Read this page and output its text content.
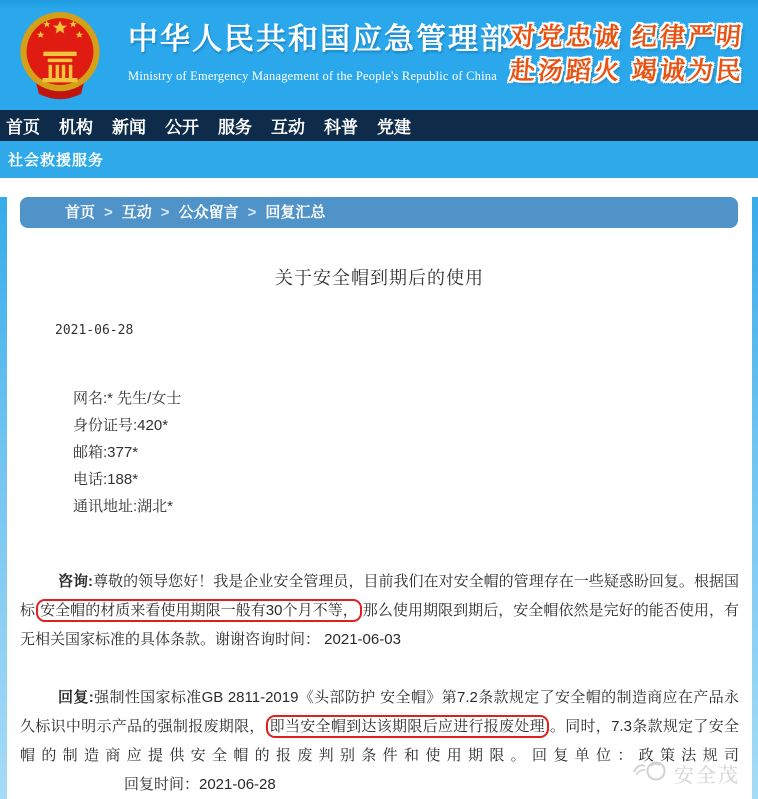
中华人民共和国应急管理部
Ministry of Emergency Management of the People's Republic of China
对党忠诚 纪律严明
赴汤蹈火 竭诚为民
首页 机构 新闻 公开 服务 互动 科普 党建
社会救援服务
首页 > 互动 > 公众留言 > 回复汇总
关于安全帽到期后的使用
2021-06-28
网名:* 先生/女士
身份证号:420*
邮箱:377*
电话:188*
通讯地址:湖北*
咨询:尊敬的领导您好！我是企业安全管理员，目前我们在对安全帽的管理存在一些疑惑盼回复。根据国标 安全帽的材质来看使用期限一般有30个月不等， 那么使用期限到期后，安全帽依然是完好的能否使用，有无相关国家标准的具体条款。谢谢咨询时间： 2021-06-03
回复:强制性国家标准GB 2811-2019《头部防护 安全帽》第7.2条款规定了安全帽的制造商应在产品永久标识中明示产品的强制报废期限， 即当安全帽到达该期限后应进行报废处理 。同时，7.3条款规定了安全帽的制造商应提供安全帽的报废判别条件和使用期限。回复单位：政策法规司回复时间：2021-06-28	安全茂
